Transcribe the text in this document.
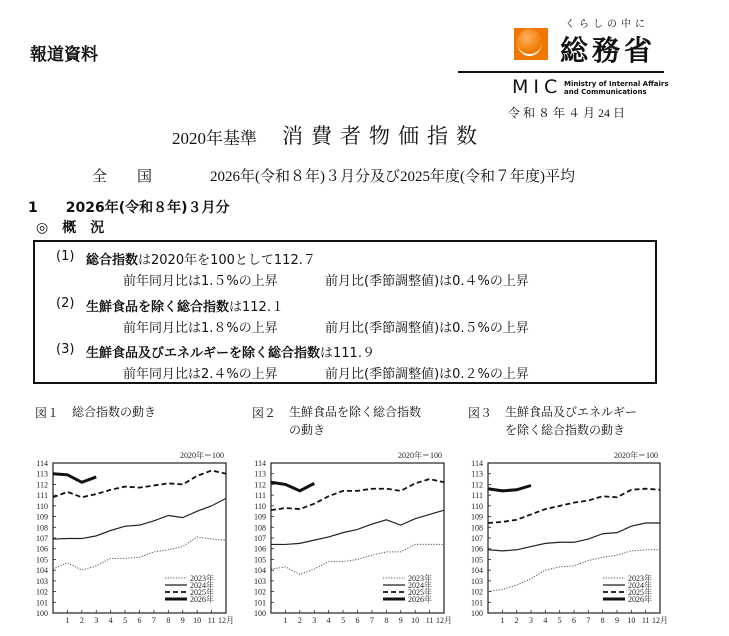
報道資料
くらしの中に
総務省
MIC Ministry of Internal Affairs
and Communications
令 和 ８ 年 ４ 月 24 日
2020年基準 消費者物価指数
全　　国	2026年(令和８年)３月分及び2025年度(令和７年度)平均
1　　2026年(令和８年)３月分
◎　概　況
(1) 総合指数は2020年を100として112.７
前年同月比は1.５%の上昇	前月比(季節調整値)は0.４%の上昇
(2) 生鮮食品を除く総合指数は112.１
前年同月比は1.８%の上昇	前月比(季節調整値)は0.５%の上昇
(3) 生鮮食品及びエネルギーを除く総合指数は111.９
前年同月比は2.４%の上昇	前月比(季節調整値)は0.２%の上昇
図１ 総合指数の動き	図２ 生鮮食品を除く総合指数
の動き
図３ 生鮮食品及びエネルギー
を除く総合指数の動き
2020年＝100
100
101
102
103
104
105
106
107
108
109
110
111
112
113
114
1 2 3 4 5 6 7 8 9 10 11 12月
2023年
2024年
2025年
2026年
2020年＝100
100
101
102
103
104
105
106
107
108
109
110
111
112
113
114
1 2 3 4 5 6 7 8 9 10 11 12月
2023年
2024年
2025年
2026年
2020年＝100
100
101
102
103
104
105
106
107
108
109
110
111
112
113
114
1 2 3 4 5 6 7 8 9 10 11 12月
2023年
2024年
2025年
2026年
